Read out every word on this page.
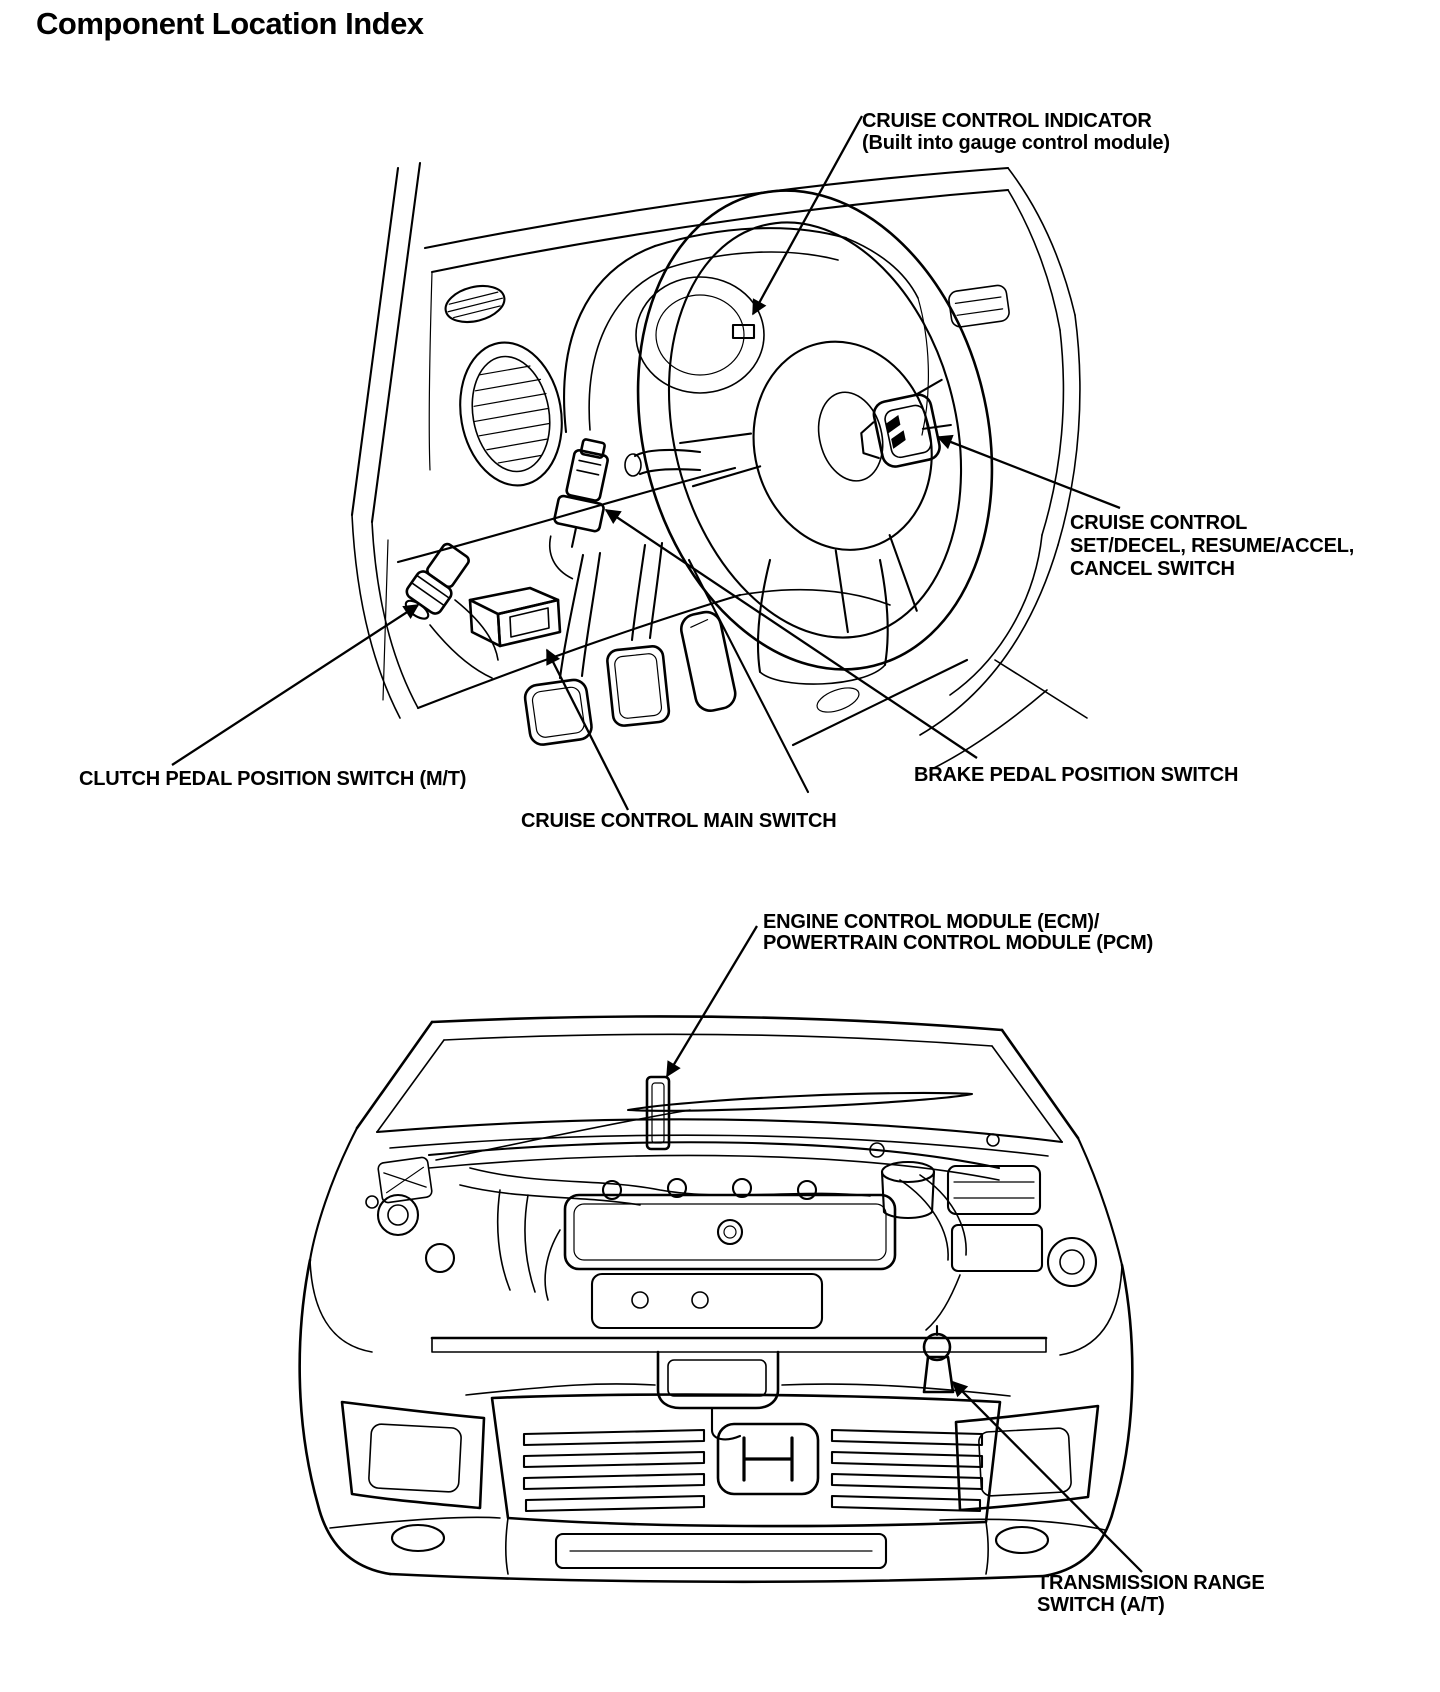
Component Location Index
CRUISE CONTROL INDICATOR
(Built into gauge control module)
CRUISE CONTROL
SET/DECEL, RESUME/ACCEL,
CANCEL SWITCH
CLUTCH PEDAL POSITION SWITCH (M/T)
CRUISE CONTROL MAIN SWITCH
BRAKE PEDAL POSITION SWITCH
ENGINE CONTROL MODULE (ECM)/
POWERTRAIN CONTROL MODULE (PCM)
TRANSMISSION RANGE
SWITCH (A/T)
